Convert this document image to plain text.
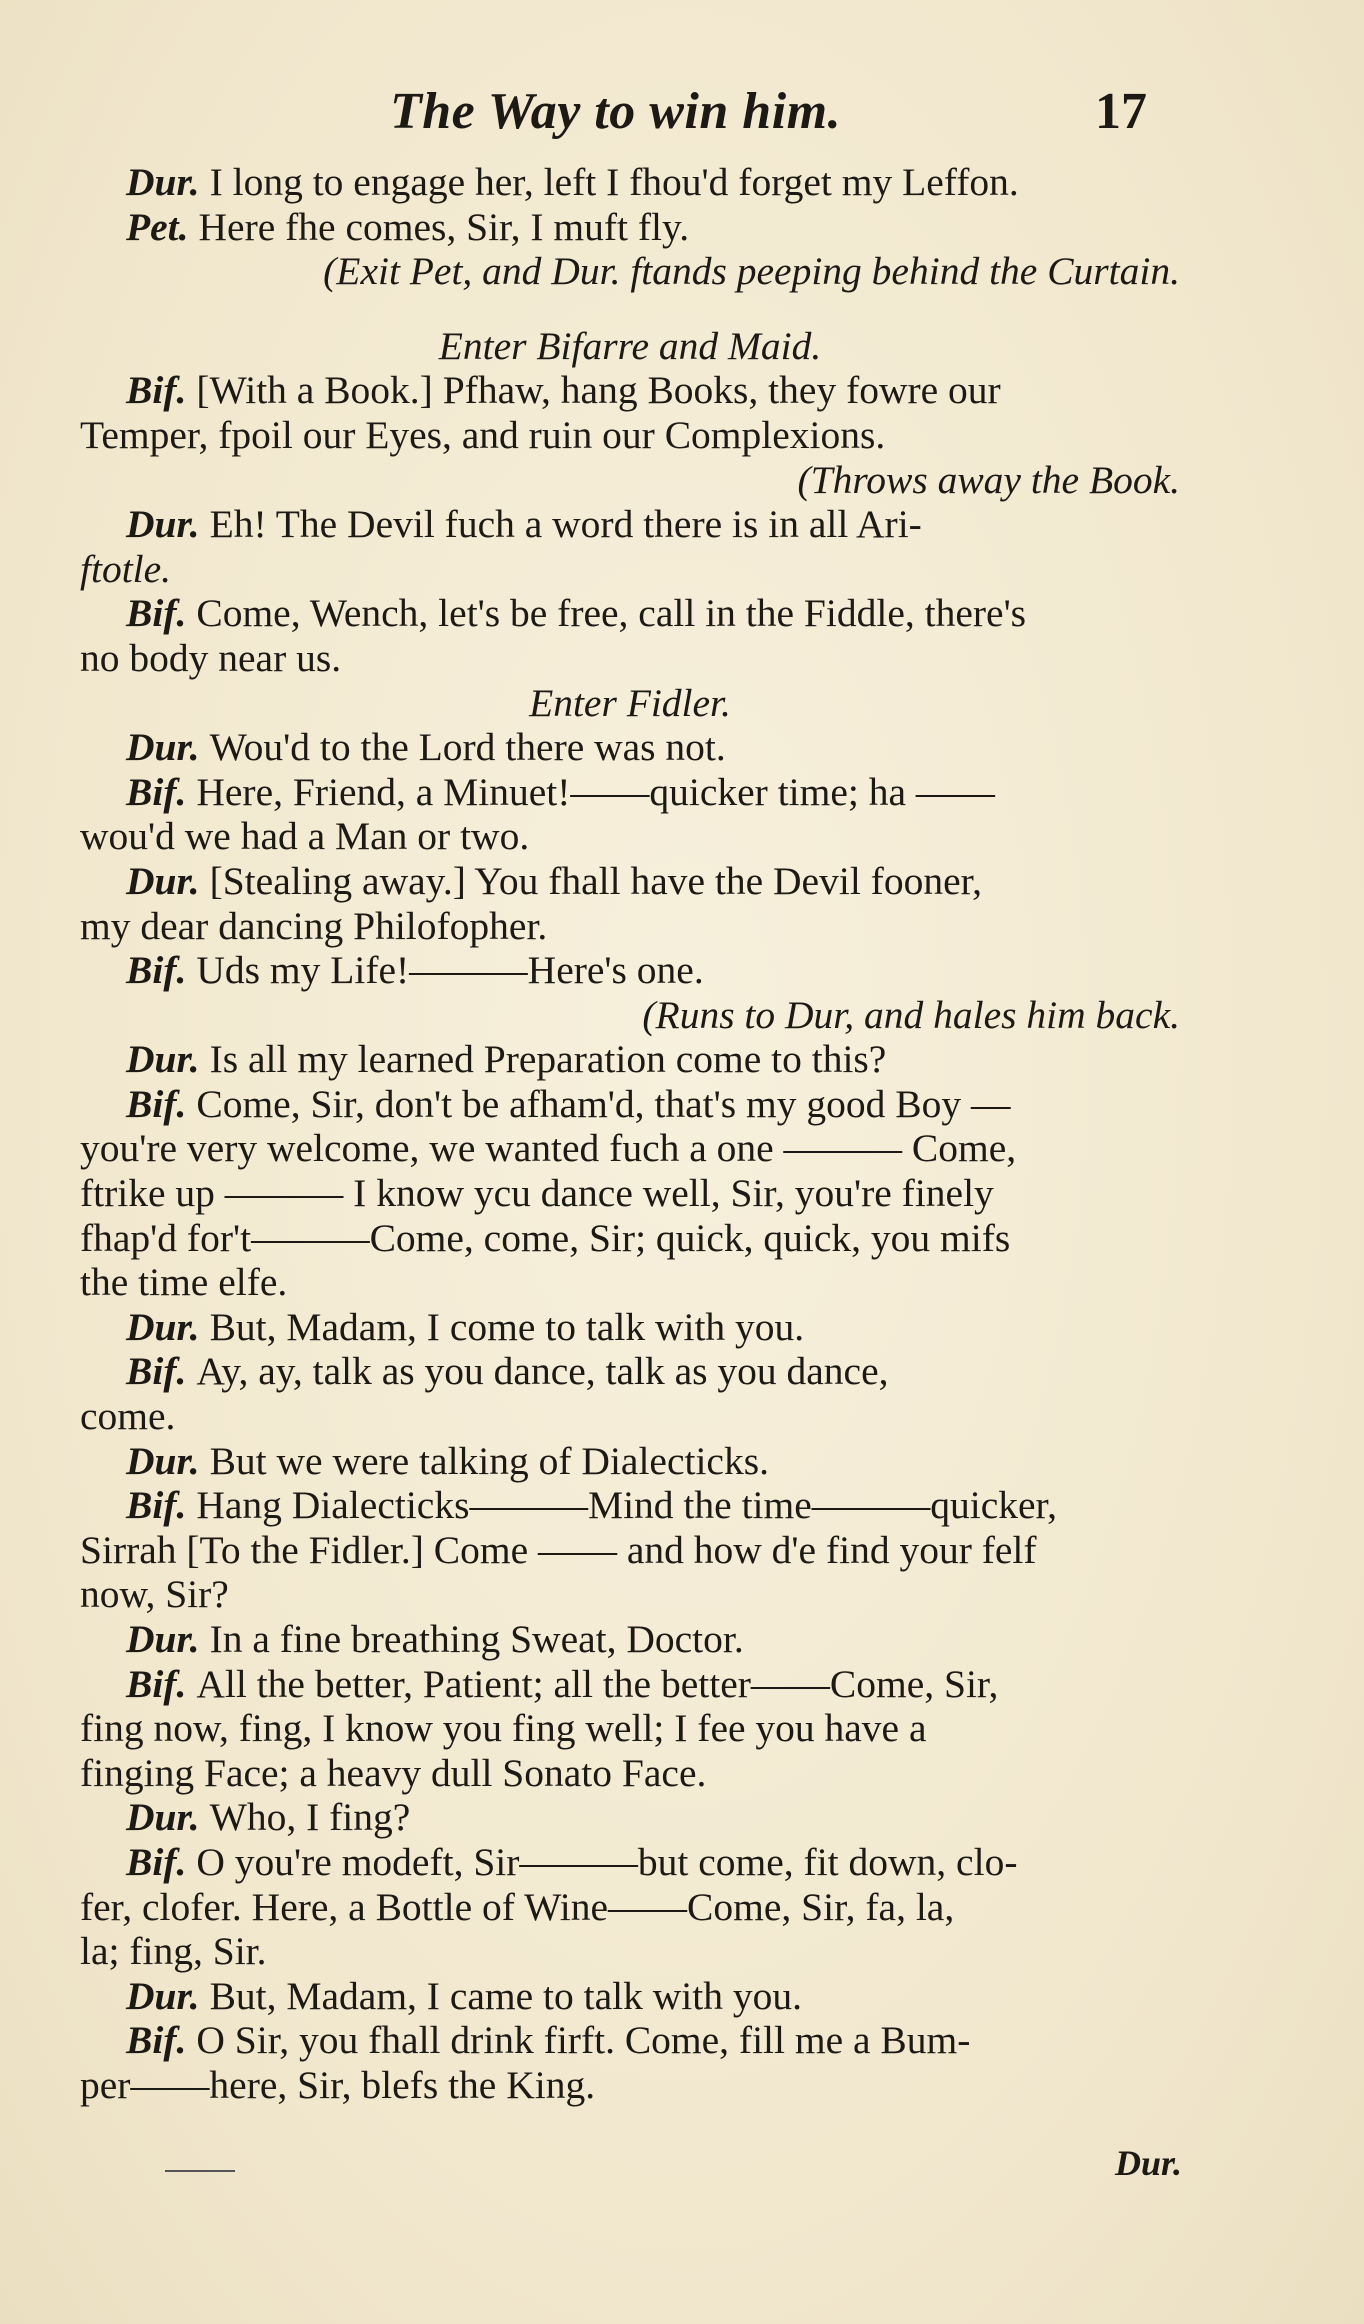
The Way to win him.	17
Dur. I long to engage her, left I fhou'd forget my Leffon.
Pet. Here fhe comes, Sir, I muft fly.
(Exit Pet, and Dur. ftands peeping behind the Curtain.
Enter Bifarre and Maid.
Bif. [With a Book.] Pfhaw, hang Books, they fowre our
Temper, fpoil our Eyes, and ruin our Complexions.
(Throws away the Book.
Dur. Eh! The Devil fuch a word there is in all Ari-
ftotle.
Bif. Come, Wench, let's be free, call in the Fiddle, there's
no body near us.
Enter Fidler.
Dur. Wou'd to the Lord there was not.
Bif. Here, Friend, a Minuet!——quicker time; ha ——
wou'd we had a Man or two.
Dur. [Stealing away.] You fhall have the Devil fooner,
my dear dancing Philofopher.
Bif. Uds my Life!———Here's one.
(Runs to Dur, and hales him back.
Dur. Is all my learned Preparation come to this?
Bif. Come, Sir, don't be afham'd, that's my good Boy —
you're very welcome, we wanted fuch a one ——— Come,
ftrike up ——— I know ycu dance well, Sir, you're finely
fhap'd for't———Come, come, Sir; quick, quick, you mifs
the time elfe.
Dur. But, Madam, I come to talk with you.
Bif. Ay, ay, talk as you dance, talk as you dance,
come.
Dur. But we were talking of Dialecticks.
Bif. Hang Dialecticks———Mind the time———quicker,
Sirrah [To the Fidler.] Come —— and how d'e find your felf
now, Sir?
Dur. In a fine breathing Sweat, Doctor.
Bif. All the better, Patient; all the better——Come, Sir,
fing now, fing, I know you fing well; I fee you have a
finging Face; a heavy dull Sonato Face.
Dur. Who, I fing?
Bif. O you're modeft, Sir———but come, fit down, clo-
fer, clofer. Here, a Bottle of Wine——Come, Sir, fa, la,
la; fing, Sir.
Dur. But, Madam, I came to talk with you.
Bif. O Sir, you fhall drink firft. Come, fill me a Bum-
per——here, Sir, blefs the King.
Dur.
